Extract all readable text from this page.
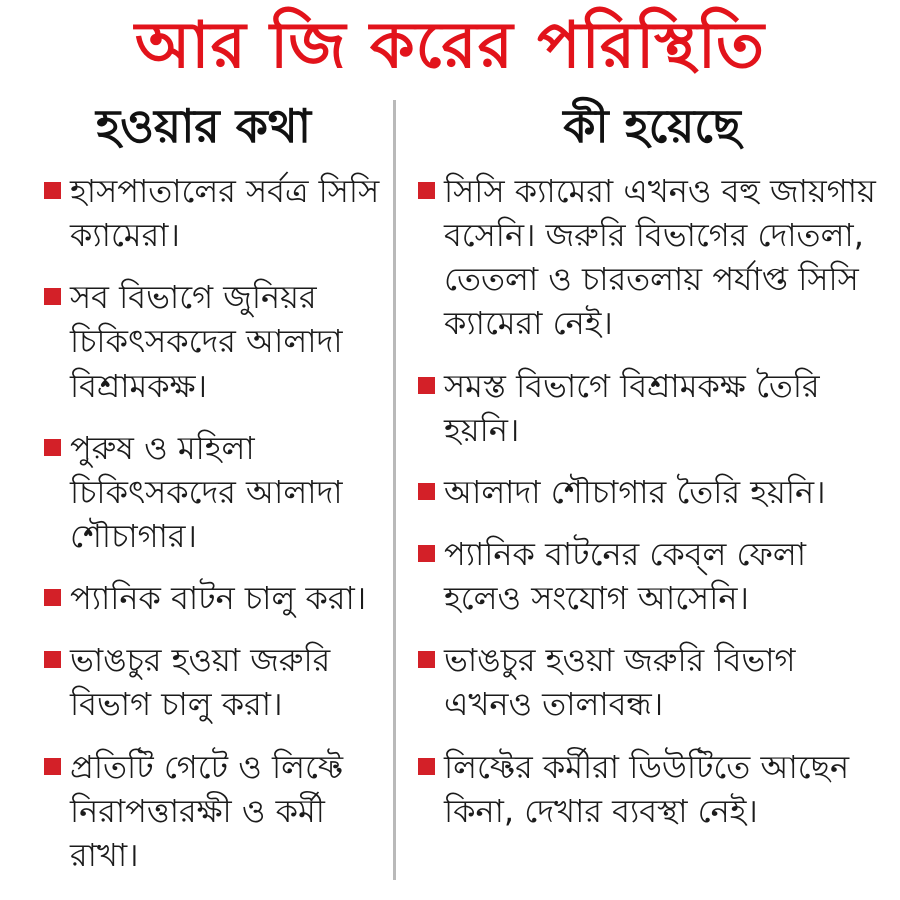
আর জি করের পরিস্থিতি
হওয়ার কথা
হাসপাতালের সর্বত্র সিসি ক্যামেরা।
সব বিভাগে জুনিয়র চিকিৎসকদের আলাদা বিশ্রামকক্ষ।
পুরুষ ও মহিলা চিকিৎসকদের আলাদা শৌচাগার।
প্যানিক বাটন চালু করা।
ভাঙচুর হওয়া জরুরি বিভাগ চালু করা।
প্রতিটি গেটে ও লিফ্টে নিরাপত্তারক্ষী ও কর্মী রাখা।
কী হয়েছে
সিসি ক্যামেরা এখনও বহু জায়গায় বসেনি। জরুরি বিভাগের দোতলা, তেতলা ও চারতলায় পর্যাপ্ত সিসি ক্যামেরা নেই।
সমস্ত বিভাগে বিশ্রামকক্ষ তৈরি হয়নি।
আলাদা শৌচাগার তৈরি হয়নি।
প্যানিক বাটনের কেব্‌ল ফেলা হলেও সংযোগ আসেনি।
ভাঙচুর হওয়া জরুরি বিভাগ এখনও তালাবন্ধ।
লিফ্টের কর্মীরা ডিউটিতে আছেন কিনা, দেখার ব্যবস্থা নেই।
